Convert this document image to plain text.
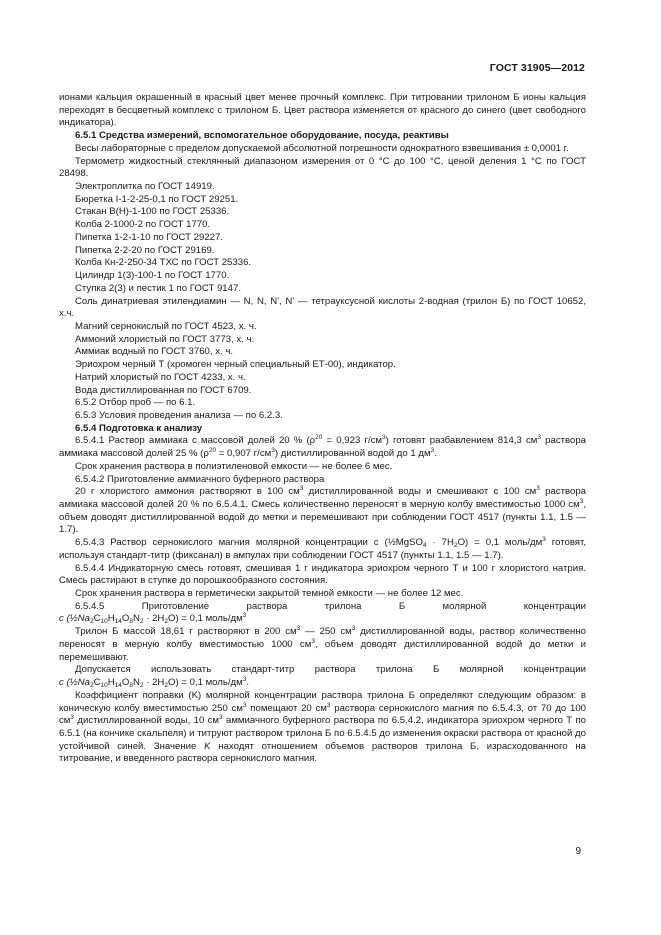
ГОСТ 31905—2012

ионами кальция окрашенный в красный цвет менее прочный комплекс. При титровании трилоном Б ионы кальция переходят в бесцветный комплекс с трилоном Б. Цвет раствора изменяется от красного до синего (цвет свободного индикатора).

6.5.1 Средства измерений, вспомогательное оборудование, посуда, реактивы

Весы лабораторные с пределом допускаемой абсолютной погрешности однократного взвешивания ± 0,0001 г.

Термометр жидкостный стеклянный диапазоном измерения от 0 °С до 100 °С, ценой деления 1 °С по ГОСТ 28498.

Электроплитка по ГОСТ 14919.

Бюретка I-1-2-25-0,1 по ГОСТ 29251.

Стакан В(Н)-1-100 по ГОСТ 25336.

Колба 2-1000-2 по ГОСТ 1770.

Пипетка 1-2-1-10 по ГОСТ 29227.

Пипетка 2-2-20 по ГОСТ 29169.

Колба Кн-2-250-34 ТХС по ГОСТ 25336.

Цилиндр 1(3)-100-1 по ГОСТ 1770.

Ступка 2(3) и пестик 1 по ГОСТ 9147.

Соль динатриевая этилендиамин — N, N, N', N' — тетрауксусной кислоты 2-водная (трилон Б) по ГОСТ 10652, х.ч.

Магний сернокислый по ГОСТ 4523, х. ч.

Аммоний хлористый по ГОСТ 3773, х. ч.

Аммиак водный по ГОСТ 3760, х. ч.

Эриохром черный Т (хромоген черный специальный ЕТ-00), индикатор.

Натрий хлористый по ГОСТ 4233, х. ч.

Вода дистиллированная по ГОСТ 6709.

6.5.2 Отбор проб — по 6.1.

6.5.3 Условия проведения анализа — по 6.2.3.

6.5.4 Подготовка к анализу

6.5.4.1 Раствор аммиака с массовой долей 20 % ($\rho^{20} = 0,923$ $г/см^3$) готовят разбавлением 814,3 $см^3$ раствора аммиака массовой долей 25 % ($\rho^{20} = 0,907$ $г/см^3$) дистиллированной водой до 1 $дм^3$.

Срок хранения раствора в полиэтиленовой емкости — не более 6 мес.

6.5.4.2 Приготовление аммиачного буферного раствора

20 г хлористого аммония растворяют в 100 $см^3$ дистиллированной воды и смешивают с 100 $см^3$ раствора аммиака массовой долей 20 % по 6.5.4.1. Смесь количественно переносят в мерную колбу вместимостью 1000 $см^3$, объем доводят дистиллированной водой до метки и перемешивают при соблюдении ГОСТ 4517 (пункты 1.1, 1.5 — 1.7).

6.5.4.3 Раствор сернокислого магния молярной концентрации c (½MgSO$_4$ · $7H_2O) = 0,1$ моль/$дм^3$ готовят, используя стандарт-титр (фиксанал) в ампулах при соблюдении ГОСТ 4517 (пункты 1.1, 1.5 — 1.7).

6.5.4.4 Индикаторную смесь готовят, смешивая 1 г индикатора эриохром черного Т и 100 г хлористого натрия. Смесь растирают в ступке до порошкообразного состояния.

Срок хранения раствора в герметически закрытой темной емкости — не более 12 мес.

6.5.4.5 Приготовление раствора трилона Б молярной концентрации

c $(\frac{1}{2}Na_2C_{10}H_{14}O_8N_2 \cdot 2H_2O) = 0,1$ моль/$дм^3$

Трилон Б массой 18,61 г растворяют в 200 $см^3$ — 250 $см^3$ дистиллированной воды, раствор количественно переносят в мерную колбу вместимостью 1000 $см^3$, объем доводят дистиллированной водой до метки и перемешивают.

Допускается использовать стандарт-титр раствора трилона Б молярной концентрации

c $(\frac{1}{2}Na_2C_{10}H_{14}O_8N_2 \cdot 2H_2O) = 0,1$ моль/$дм^3$.

Коэффициент поправки (K) молярной концентрации раствора трилона Б определяют следующим образом: в коническую колбу вместимостью 250 $см^3$ помещают 20 $см^3$ раствора сернокислого магния по 6.5.4.3, от 70 до 100 $см^3$ дистиллированной воды, 10 $см^3$ аммиачного буферного раствора по 6.5.4.2, индикатора эриохром черного Т по 6.5.1 (на кончике скальпеля) и титруют раствором трилона Б по 6.5.4.5 до изменения окраски раствора от красной до устойчивой синей. Значение K находят отношением объемов растворов трилона Б, израсходованного на титрование, и введенного раствора сернокислого магния.

9
